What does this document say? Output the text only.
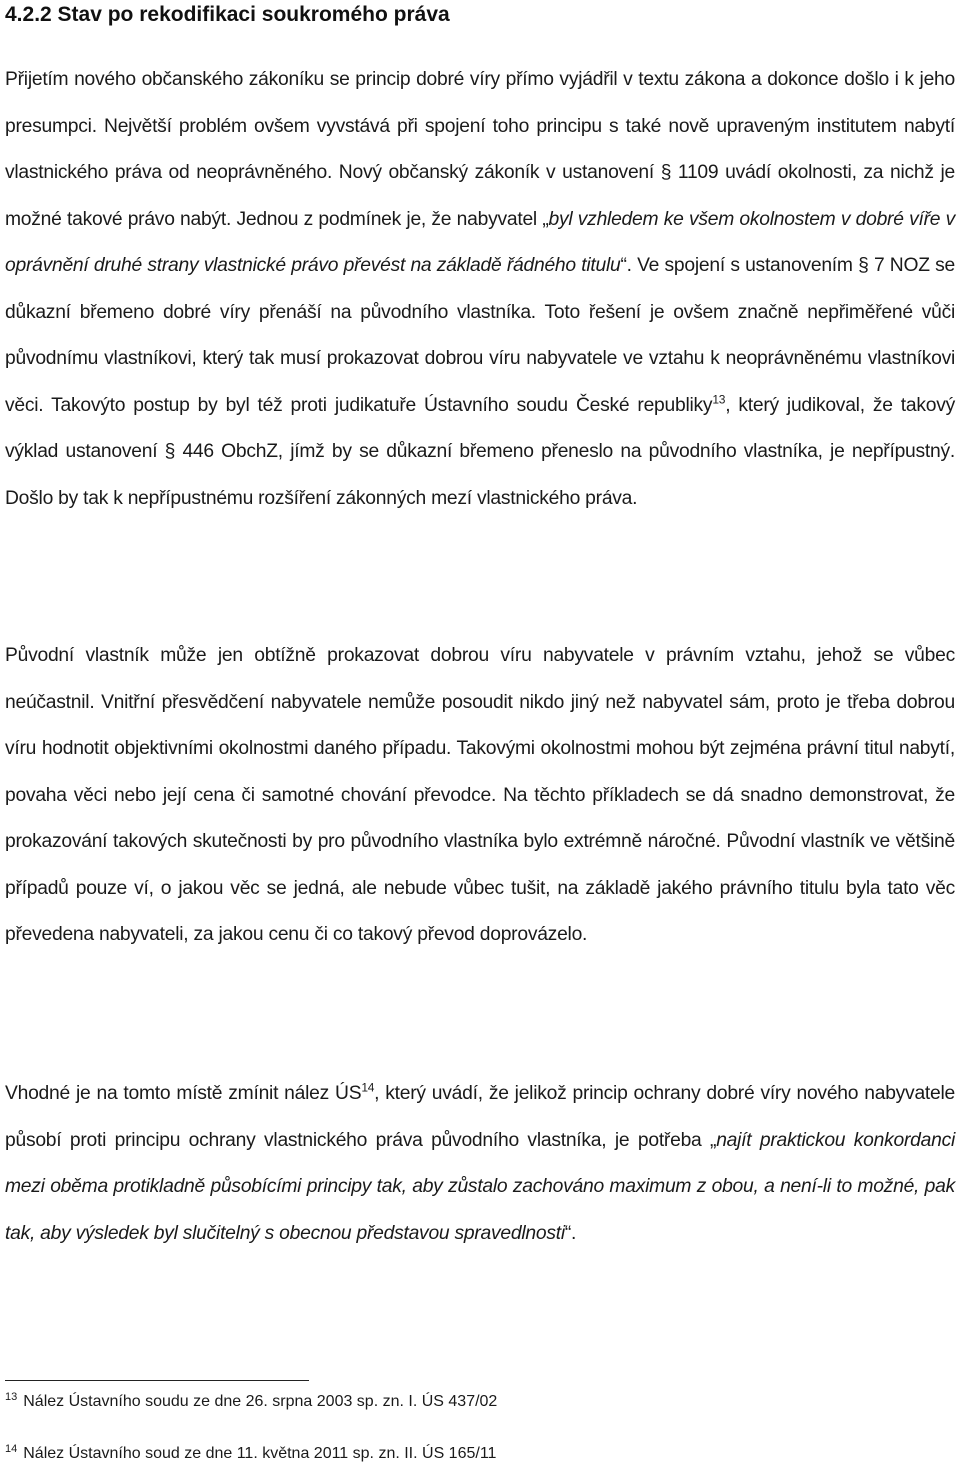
4.2.2 Stav po rekodifikaci soukromého práva
Přijetím nového občanského zákoníku se princip dobré víry přímo vyjádřil v textu zákona a dokonce došlo i k jeho presumpci. Největší problém ovšem vyvstává při spojení toho principu s také nově upraveným institutem nabytí vlastnického práva od neoprávněného. Nový občanský zákoník v ustanovení § 1109 uvádí okolnosti, za nichž je možné takové právo nabýt. Jednou z podmínek je, že nabyvatel „byl vzhledem ke všem okolnostem v dobré víře v oprávnění druhé strany vlastnické právo převést na základě řádného titulu“. Ve spojení s ustanovením § 7 NOZ se důkazní břemeno dobré víry přenáší na původního vlastníka. Toto řešení je ovšem značně nepřiměřené vůči původnímu vlastníkovi, který tak musí prokazovat dobrou víru nabyvatele ve vztahu k neoprávněnému vlastníkovi věci. Takovýto postup by byl též proti judikatuře Ústavního soudu České republiky$^{13}$, který judikoval, že takový výklad ustanovení § 446 ObchZ, jímž by se důkazní břemeno přeneslo na původního vlastníka, je nepřípustný. Došlo by tak k nepřípustnému rozšíření zákonných mezí vlastnického práva.
Původní vlastník může jen obtížně prokazovat dobrou víru nabyvatele v právním vztahu, jehož se vůbec neúčastnil. Vnitřní přesvědčení nabyvatele nemůže posoudit nikdo jiný než nabyvatel sám, proto je třeba dobrou víru hodnotit objektivními okolnostmi daného případu. Takovými okolnostmi mohou být zejména právní titul nabytí, povaha věci nebo její cena či samotné chování převodce. Na těchto příkladech se dá snadno demonstrovat, že prokazování takových skutečnosti by pro původního vlastníka bylo extrémně náročné. Původní vlastník ve většině případů pouze ví, o jakou věc se jedná, ale nebude vůbec tušit, na základě jakého právního titulu byla tato věc převedena nabyvateli, za jakou cenu či co takový převod doprovázelo.
Vhodné je na tomto místě zmínit nález ÚS$^{14}$, který uvádí, že jelikož princip ochrany dobré víry nového nabyvatele působí proti principu ochrany vlastnického práva původního vlastníka, je potřeba „najít praktickou konkordanci mezi oběma protikladně působícími principy tak, aby zůstalo zachováno maximum z obou, a není-li to možné, pak tak, aby výsledek byl slučitelný s obecnou představou spravedlnosti“.
$^{13}$ Nález Ústavního soudu ze dne 26. srpna 2003 sp. zn. I. ÚS 437/02
$^{14}$ Nález Ústavního soud ze dne 11. května 2011 sp. zn. II. ÚS 165/11
